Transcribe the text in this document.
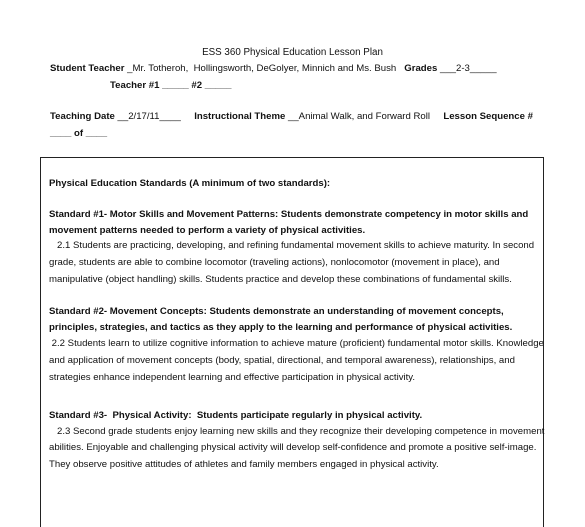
ESS 360 Physical Education Lesson Plan
Student Teacher _Mr. Totheroh,  Hollingsworth, DeGolyer, Minnich and Ms. Bush Grades ___2-3_____
Teacher #1 _____ #2 _____
Teaching Date __2/17/11____ Instructional Theme __Animal Walk, and Forward Roll Lesson Sequence #
____ of ____
Physical Education Standards (A minimum of two standards):
Standard #1- Motor Skills and Movement Patterns: Students demonstrate competency in motor skills and
movement patterns needed to perform a variety of physical activities.
2.1 Students are practicing, developing, and refining fundamental movement skills to achieve maturity. In second
grade, students are able to combine locomotor (traveling actions), nonlocomotor (movement in place), and
manipulative (object handling) skills. Students practice and develop these combinations of fundamental skills.
Standard #2- Movement Concepts: Students demonstrate an understanding of movement concepts,
principles, strategies, and tactics as they apply to the learning and performance of physical activities.
2.2 Students learn to utilize cognitive information to achieve mature (proficient) fundamental motor skills. Knowledge
and application of movement concepts (body, spatial, directional, and temporal awareness), relationships, and
strategies enhance independent learning and effective participation in physical activity.
Standard #3-  Physical Activity:  Students participate regularly in physical activity.
2.3 Second grade students enjoy learning new skills and they recognize their developing competence in movement
abilities. Enjoyable and challenging physical activity will develop self-confidence and promote a positive self-image.
They observe positive attitudes of athletes and family members engaged in physical activity.
